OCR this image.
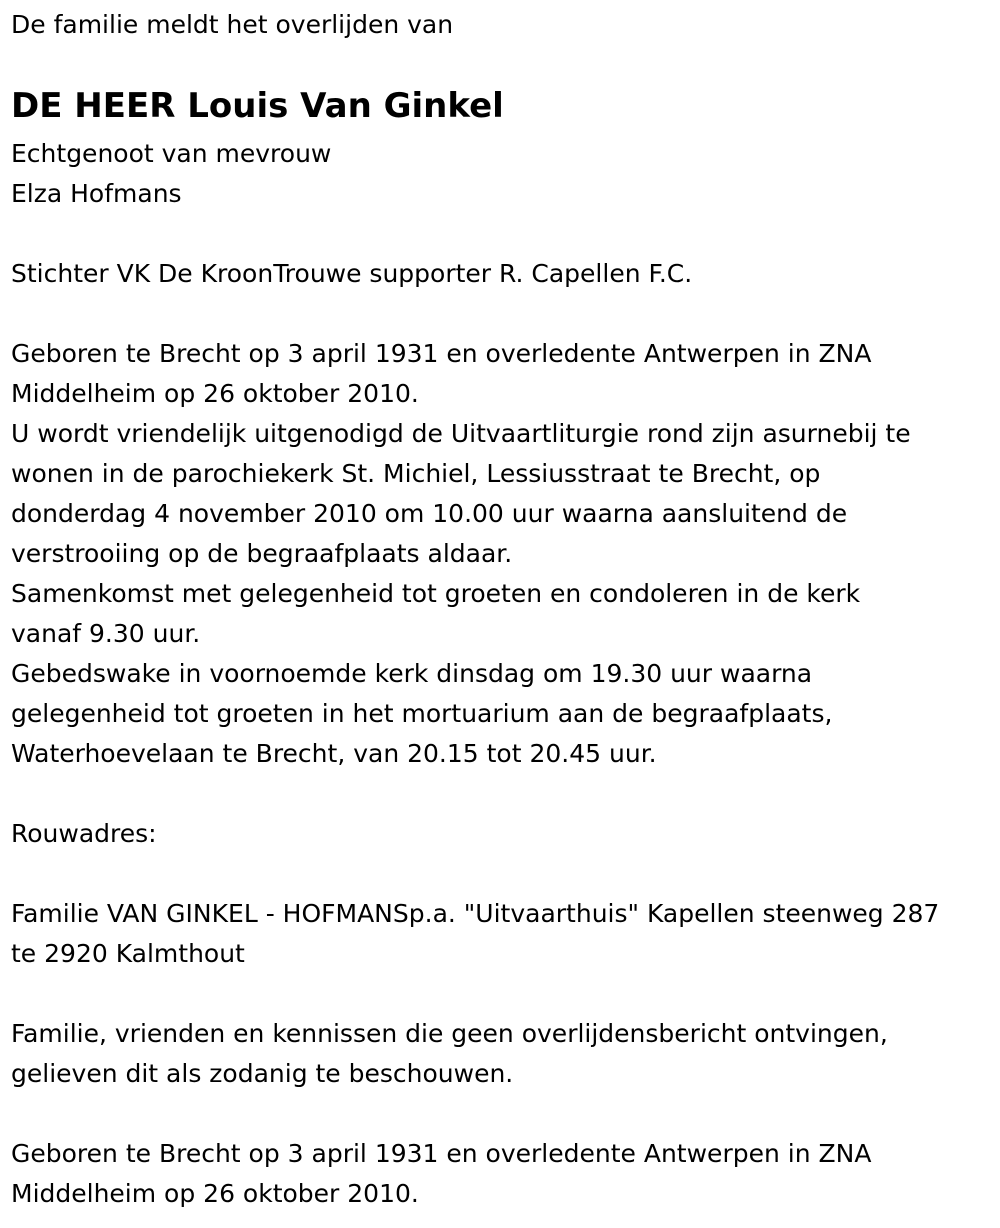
De familie meldt het overlijden van
DE HEER Louis Van Ginkel
Echtgenoot van mevrouw
Elza Hofmans
Stichter VK De KroonTrouwe supporter R. Capellen F.C.
Geboren te Brecht op 3 april 1931 en overledente Antwerpen in ZNA
Middelheim op 26 oktober 2010.
U wordt vriendelijk uitgenodigd de Uitvaartliturgie rond zijn asurnebij te
wonen in de parochiekerk St. Michiel, Lessiusstraat te Brecht, op
donderdag 4 november 2010 om 10.00 uur waarna aansluitend de
verstrooiing op de begraafplaats aldaar.
Samenkomst met gelegenheid tot groeten en condoleren in de kerk
vanaf 9.30 uur.
Gebedswake in voornoemde kerk dinsdag om 19.30 uur waarna
gelegenheid tot groeten in het mortuarium aan de begraafplaats,
Waterhoevelaan te Brecht, van 20.15 tot 20.45 uur.
Rouwadres:
Familie VAN GINKEL - HOFMANSp.a. "Uitvaarthuis" Kapellen steenweg 287
te 2920 Kalmthout
Familie, vrienden en kennissen die geen overlijdensbericht ontvingen,
gelieven dit als zodanig te beschouwen.
Geboren te Brecht op 3 april 1931 en overledente Antwerpen in ZNA
Middelheim op 26 oktober 2010.
